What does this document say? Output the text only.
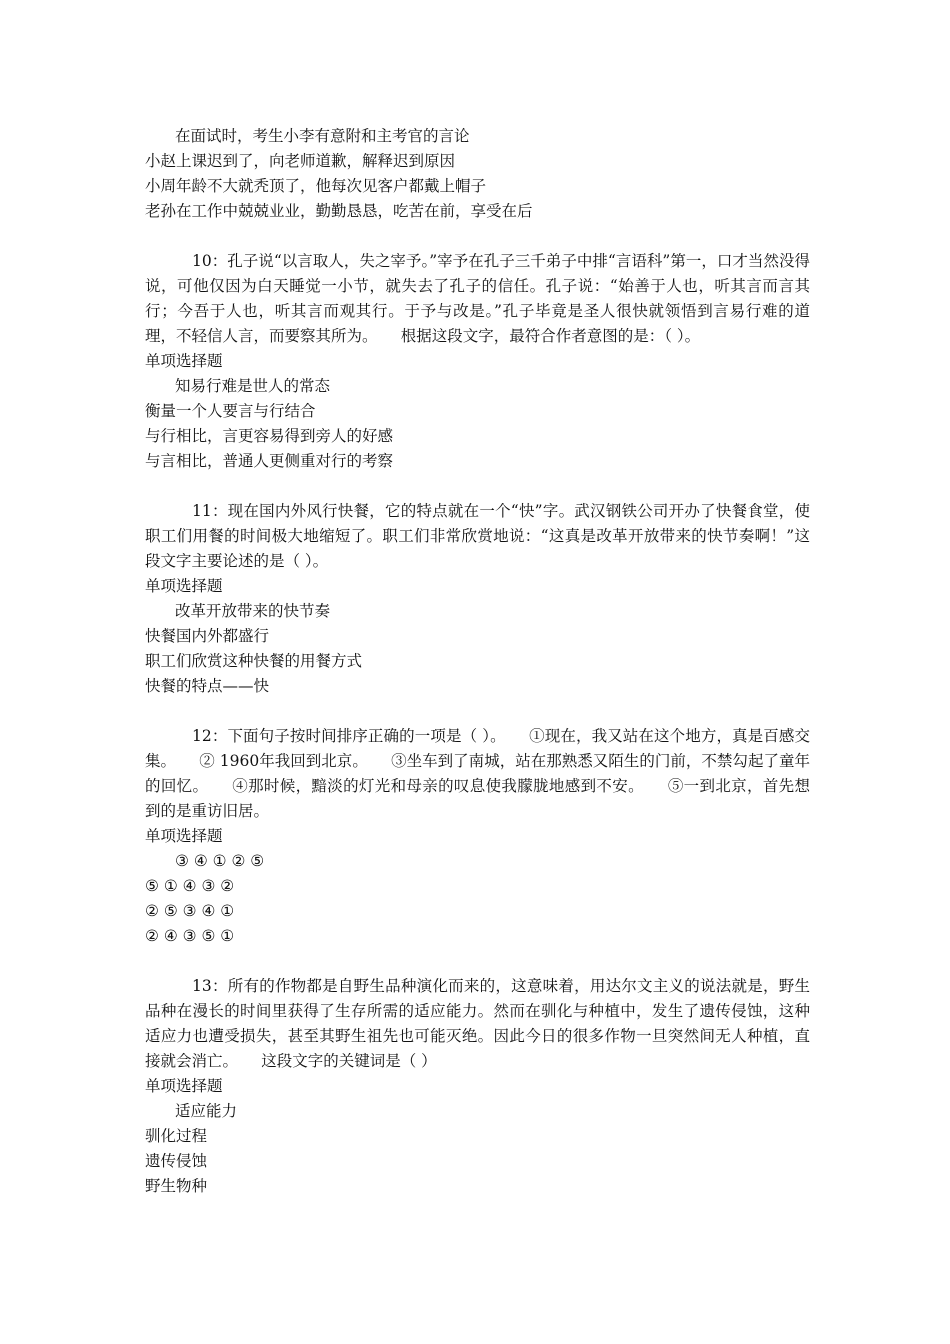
在面试时，考生小李有意附和主考官的言论

小赵上课迟到了，向老师道歉，解释迟到原因

小周年龄不大就秃顶了，他每次见客户都戴上帽子

老孙在工作中兢兢业业，勤勤恳恳，吃苦在前，享受在后

10：孔子说“以言取人，失之宰予。”宰予在孔子三千弟子中排“言语科”第一，口才当然没得说，可他仅因为白天睡觉一小节，就失去了孔子的信任。孔子说：“始善于人也，听其言而言其行；今吾于人也，听其言而观其行。于予与改是。”孔子毕竟是圣人很快就领悟到言易行难的道理，不轻信人言，而要察其所为。　　根据这段文字，最符合作者意图的是：（ ）。

单项选择题

知易行难是世人的常态

衡量一个人要言与行结合

与行相比，言更容易得到旁人的好感

与言相比，普通人更侧重对行的考察

11：现在国内外风行快餐，它的特点就在一个“快”字。武汉钢铁公司开办了快餐食堂，使职工们用餐的时间极大地缩短了。职工们非常欣赏地说：“这真是改革开放带来的快节奏啊！”这段文字主要论述的是（ ）。

单项选择题

改革开放带来的快节奏

快餐国内外都盛行

职工们欣赏这种快餐的用餐方式

快餐的特点——快

12：下面句子按时间排序正确的一项是（ ）。　　①现在，我又站在这个地方，真是百感交集。　　② 1960年我回到北京。　　③坐车到了南城，站在那熟悉又陌生的门前，不禁勾起了童年的回忆。　　④那时候，黯淡的灯光和母亲的叹息使我朦胧地感到不安。　　⑤一到北京，首先想到的是重访旧居。

单项选择题

③ ④ ① ② ⑤

⑤ ① ④ ③ ②

② ⑤ ③ ④ ①

② ④ ③ ⑤ ①

13：所有的作物都是自野生品种演化而来的，这意味着，用达尔文主义的说法就是，野生品种在漫长的时间里获得了生存所需的适应能力。然而在驯化与种植中，发生了遗传侵蚀，这种适应力也遭受损失，甚至其野生祖先也可能灭绝。因此今日的很多作物一旦突然间无人种植，直接就会消亡。　　这段文字的关键词是（ ）

单项选择题

适应能力

驯化过程

遗传侵蚀

野生物种
